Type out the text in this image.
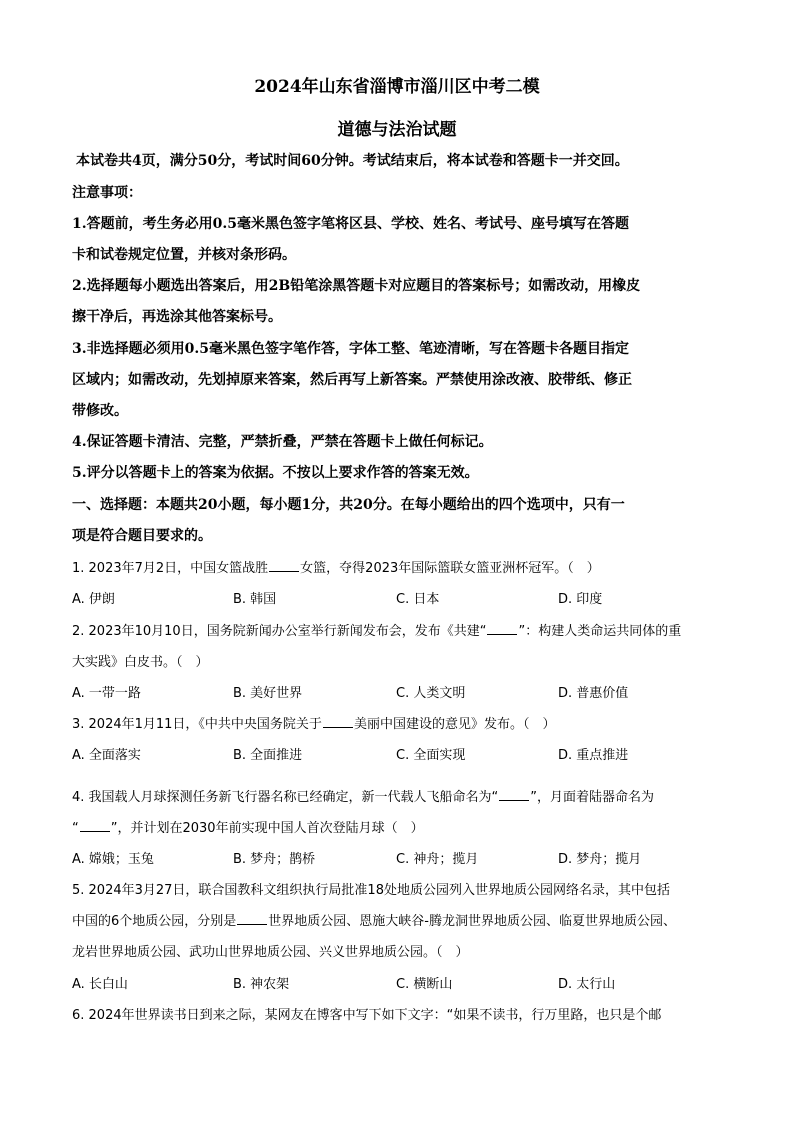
2024年山东省淄博市淄川区中考二模
道德与法治试题
本试卷共4页，满分50分，考试时间60分钟。考试结束后，将本试卷和答题卡一并交回。
注意事项：
1.答题前，考生务必用0.5毫米黑色签字笔将区县、学校、姓名、考试号、座号填写在答题
卡和试卷规定位置，并核对条形码。
2.选择题每小题选出答案后，用2B铅笔涂黑答题卡对应题目的答案标号；如需改动，用橡皮
擦干净后，再选涂其他答案标号。
3.非选择题必须用0.5毫米黑色签字笔作答，字体工整、笔迹清晰，写在答题卡各题目指定
区域内；如需改动，先划掉原来答案，然后再写上新答案。严禁使用涂改液、胶带纸、修正
带修改。
4.保证答题卡清洁、完整，严禁折叠，严禁在答题卡上做任何标记。
5.评分以答题卡上的答案为依据。不按以上要求作答的答案无效。
一、选择题：本题共20小题，每小题1分，共20分。在每小题给出的四个选项中，只有一
项是符合题目要求的。
1. 2023年7月2日，中国女篮战胜 女篮，夺得2023年国际篮联女篮亚洲杯冠军。（　）
A. 伊朗	B. 韩国	C. 日本	D. 印度
2. 2023年10月10日，国务院新闻办公室举行新闻发布会，发布《共建“ ”：构建人类命运共同体的重
大实践》白皮书。（　）
A. 一带一路	B. 美好世界	C. 人类文明	D. 普惠价值
3. 2024年1月11日，《中共中央国务院关于 美丽中国建设的意见》发布。（　）
A. 全面落实	B. 全面推进	C. 全面实现	D. 重点推进
4. 我国载人月球探测任务新飞行器名称已经确定，新一代载人飞船命名为“ ”，月面着陆器命名为
“ ”，并计划在2030年前实现中国人首次登陆月球（　）
A. 嫦娥；玉兔	B. 梦舟；鹊桥	C. 神舟；揽月	D. 梦舟；揽月
5. 2024年3月27日，联合国教科文组织执行局批准18处地质公园列入世界地质公园网络名录，其中包括
中国的6个地质公园，分别是 世界地质公园、恩施大峡谷-腾龙洞世界地质公园、临夏世界地质公园、
龙岩世界地质公园、武功山世界地质公园、兴义世界地质公园。（　）
A. 长白山	B. 神农架	C. 横断山	D. 太行山
6. 2024年世界读书日到来之际，某网友在博客中写下如下文字：“如果不读书，行万里路，也只是个邮
